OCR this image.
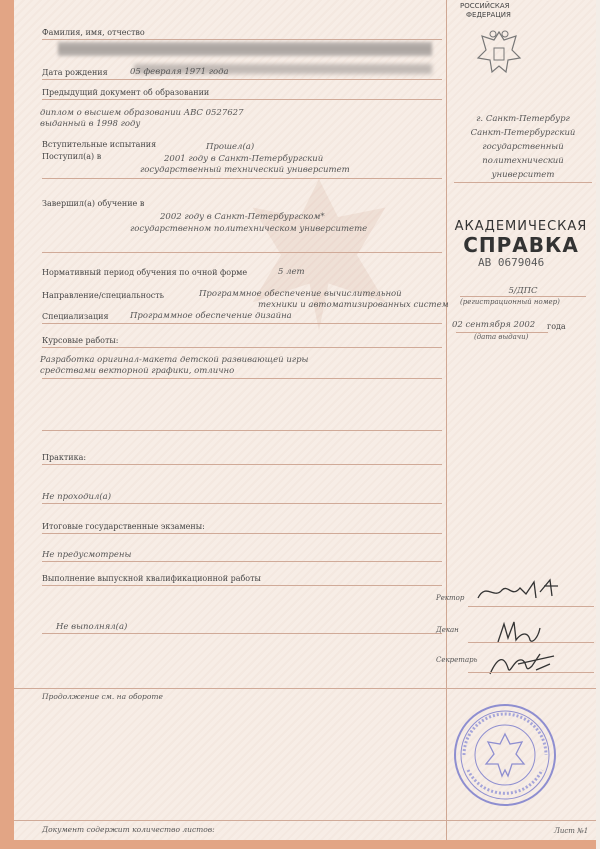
Фамилия, имя, отчество
Дата рождения	05 февраля 1971 года
Предыдущий документ об образовании
диплом о высшем образовании АВС 0527627
выданный в 1998 году
Вступительные испытания	Прошел(а)
Поступил(а) в	2001 году в Санкт-Петербургский
государственный технический университет
Завершил(а) обучение в
2002 году в Санкт-Петербургском*
государственном политехническом университете
Нормативный период обучения по очной форме	5 лет
Направление/специальность	Программное обеспечение вычислительной
техники и автоматизированных систем
Специализация	Программное обеспечение дизайна
Курсовые работы:
Разработка оригинал-макета детской развивающей игры
средствами векторной графики, отлично
Практика:
Не проходил(а)
Итоговые государственные экзамены:
Не предусмотрены
Выполнение выпускной квалификационной работы
Не выполнял(а)
Продолжение см. на обороте
Документ содержит количество листов:
РОССИЙСКАЯ
ФЕДЕРАЦИЯ
г. Санкт-Петербург
Санкт-Петербургский
государственный
политехнический
университет
АКАДЕМИЧЕСКАЯ
СПРАВКА
АВ 0679046
5/ДПС
(регистрационный номер)
02 сентября 2002 года
(дата выдачи)
Ректор
Декан
Секретарь
Лист №1
